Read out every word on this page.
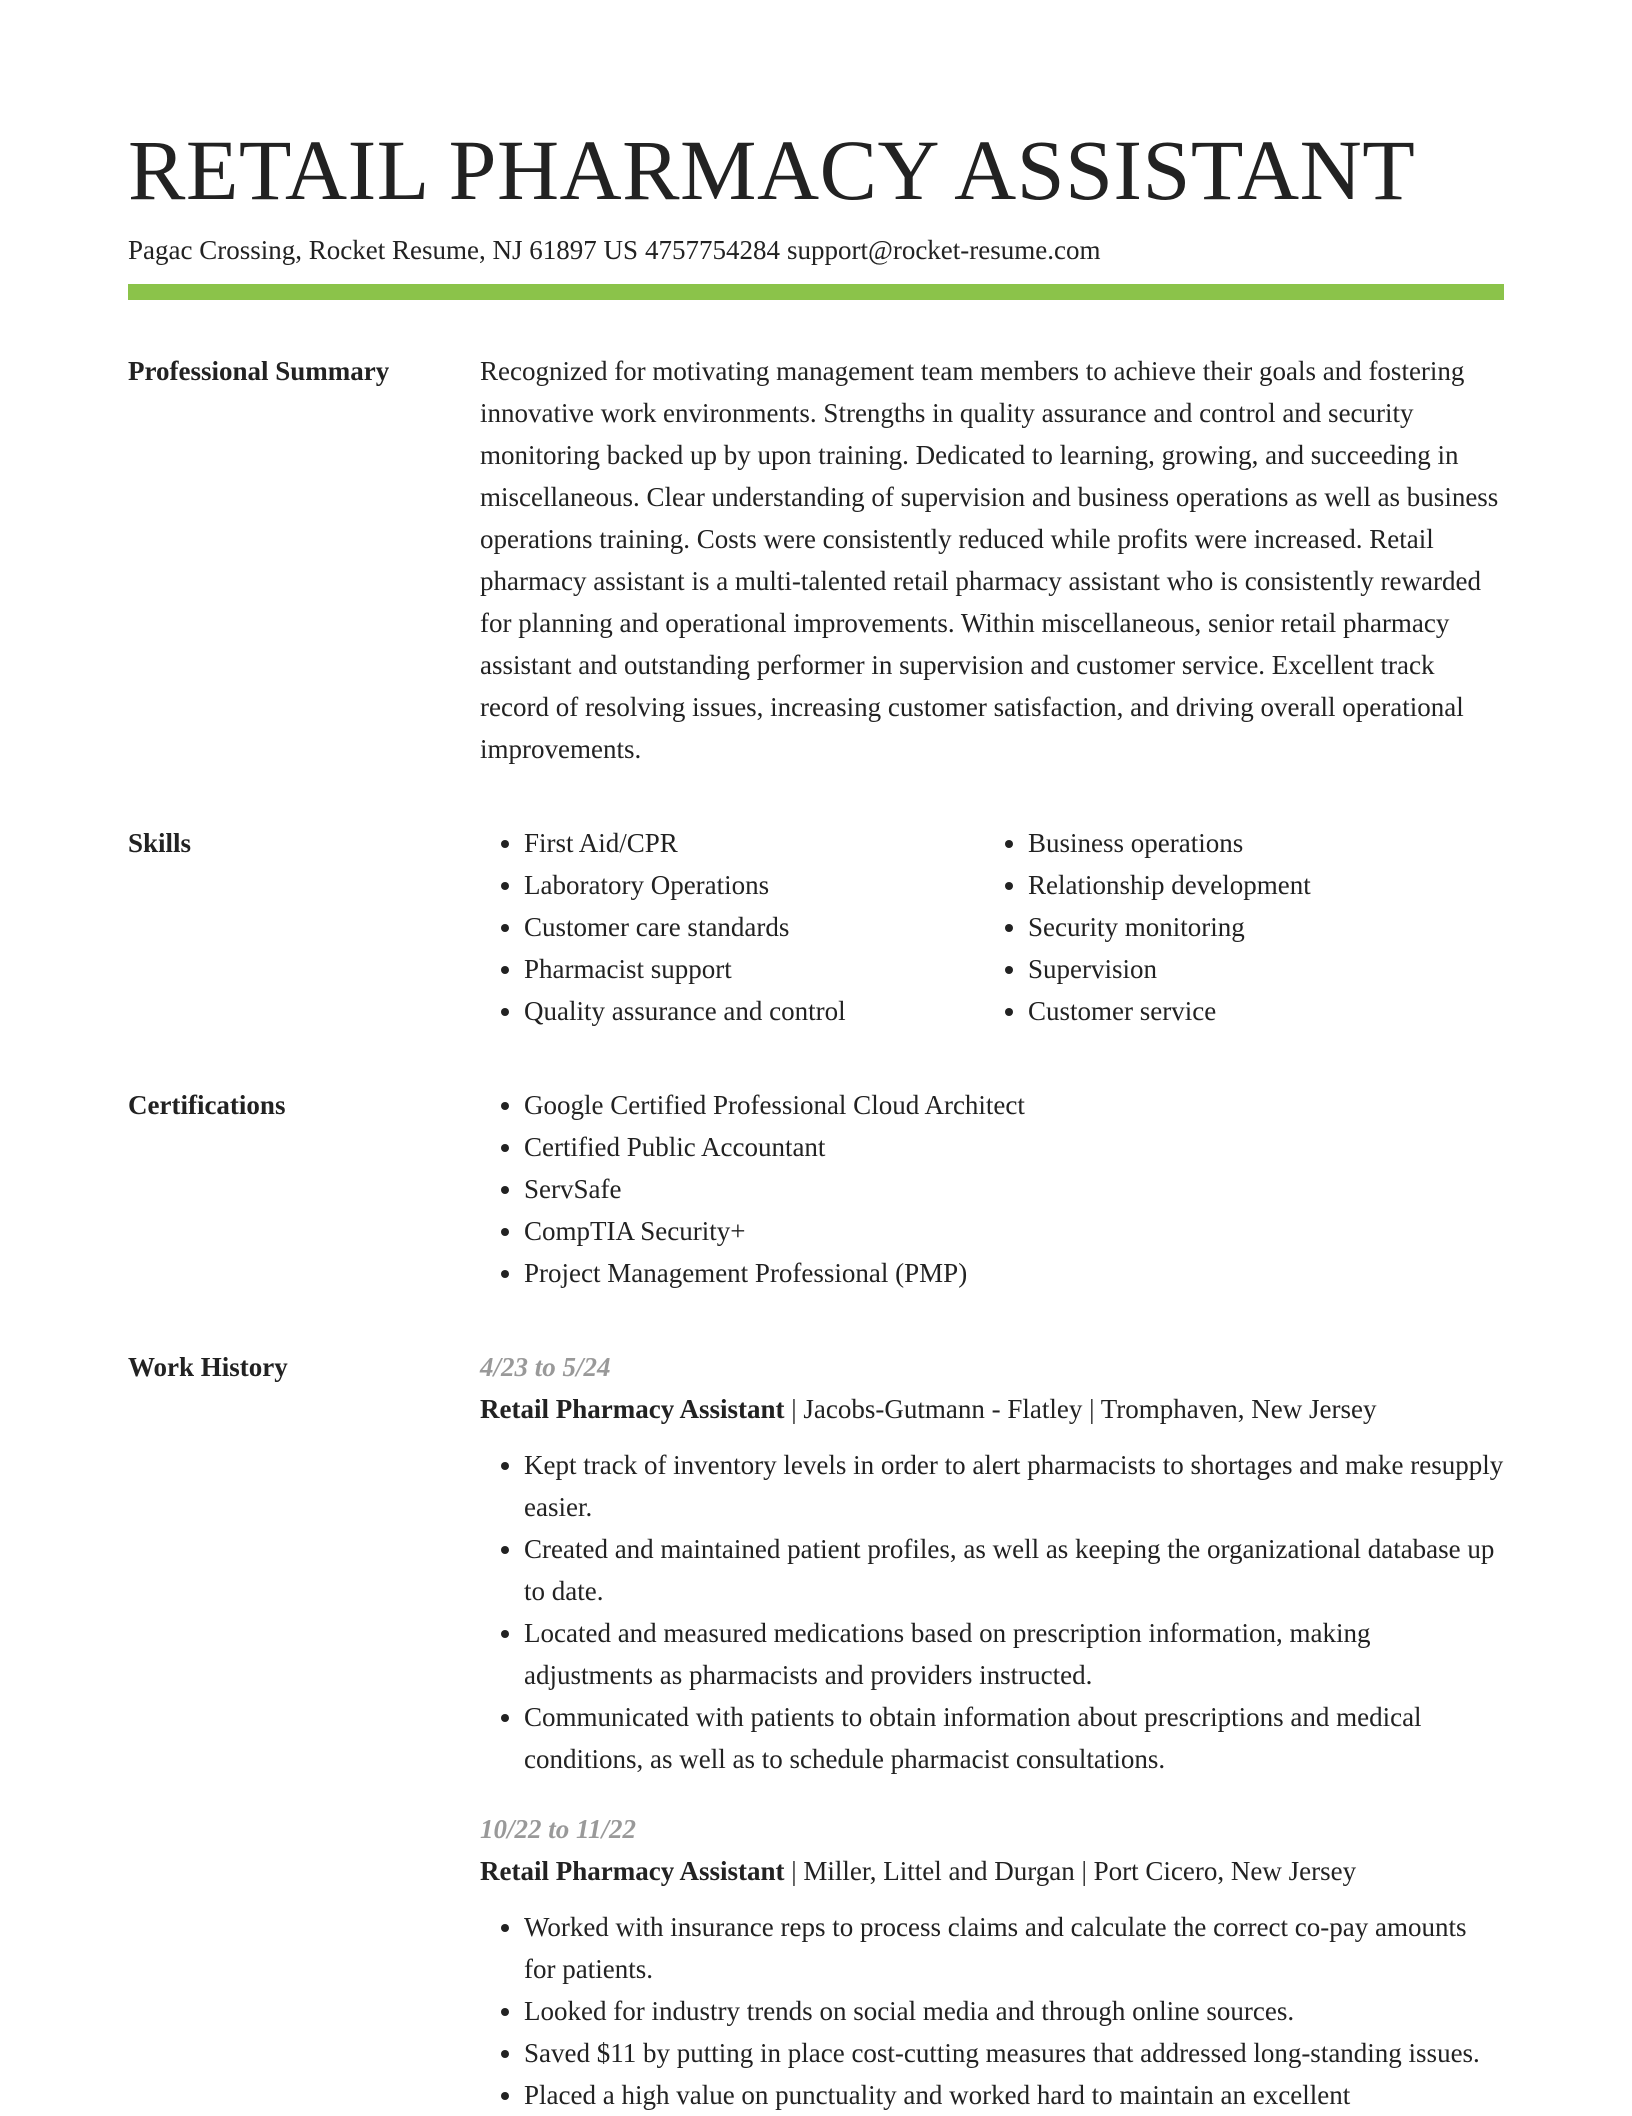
RETAIL PHARMACY ASSISTANT
Pagac Crossing, Rocket Resume, NJ 61897 US 4757754284 support@rocket-resume.com
Professional Summary	Recognized for motivating management team members to achieve their goals and fostering innovative work environments. Strengths in quality assurance and control and security monitoring backed up by upon training. Dedicated to learning, growing, and succeeding in miscellaneous. Clear understanding of supervision and business operations as well as business operations training. Costs were consistently reduced while profits were increased. Retail pharmacy assistant is a multi-talented retail pharmacy assistant who is consistently rewarded for planning and operational improvements. Within miscellaneous, senior retail pharmacy assistant and outstanding performer in supervision and customer service. Excellent track record of resolving issues, increasing customer satisfaction, and driving overall operational improvements.

Skills	• First Aid/CPR
• Laboratory Operations
• Customer care standards
• Pharmacist support
• Quality assurance and control
• Business operations
• Relationship development
• Security monitoring
• Supervision
• Customer service
Certifications	• Google Certified Professional Cloud Architect
• Certified Public Accountant
• ServSafe
• CompTIA Security+
• Project Management Professional (PMP)
Work History	4/23 to 5/24
Retail Pharmacy Assistant | Jacobs-Gutmann - Flatley | Tromphaven, New Jersey
• Kept track of inventory levels in order to alert pharmacists to shortages and make resupply easier.
• Created and maintained patient profiles, as well as keeping the organizational database up to date.
• Located and measured medications based on prescription information, making adjustments as pharmacists and providers instructed.
• Communicated with patients to obtain information about prescriptions and medical conditions, as well as to schedule pharmacist consultations.
10/22 to 11/22
Retail Pharmacy Assistant | Miller, Littel and Durgan | Port Cicero, New Jersey
• Worked with insurance reps to process claims and calculate the correct co-pay amounts for patients.
• Looked for industry trends on social media and through online sources.
• Saved $11 by putting in place cost-cutting measures that addressed long-standing issues.
• Placed a high value on punctuality and worked hard to maintain an excellent
